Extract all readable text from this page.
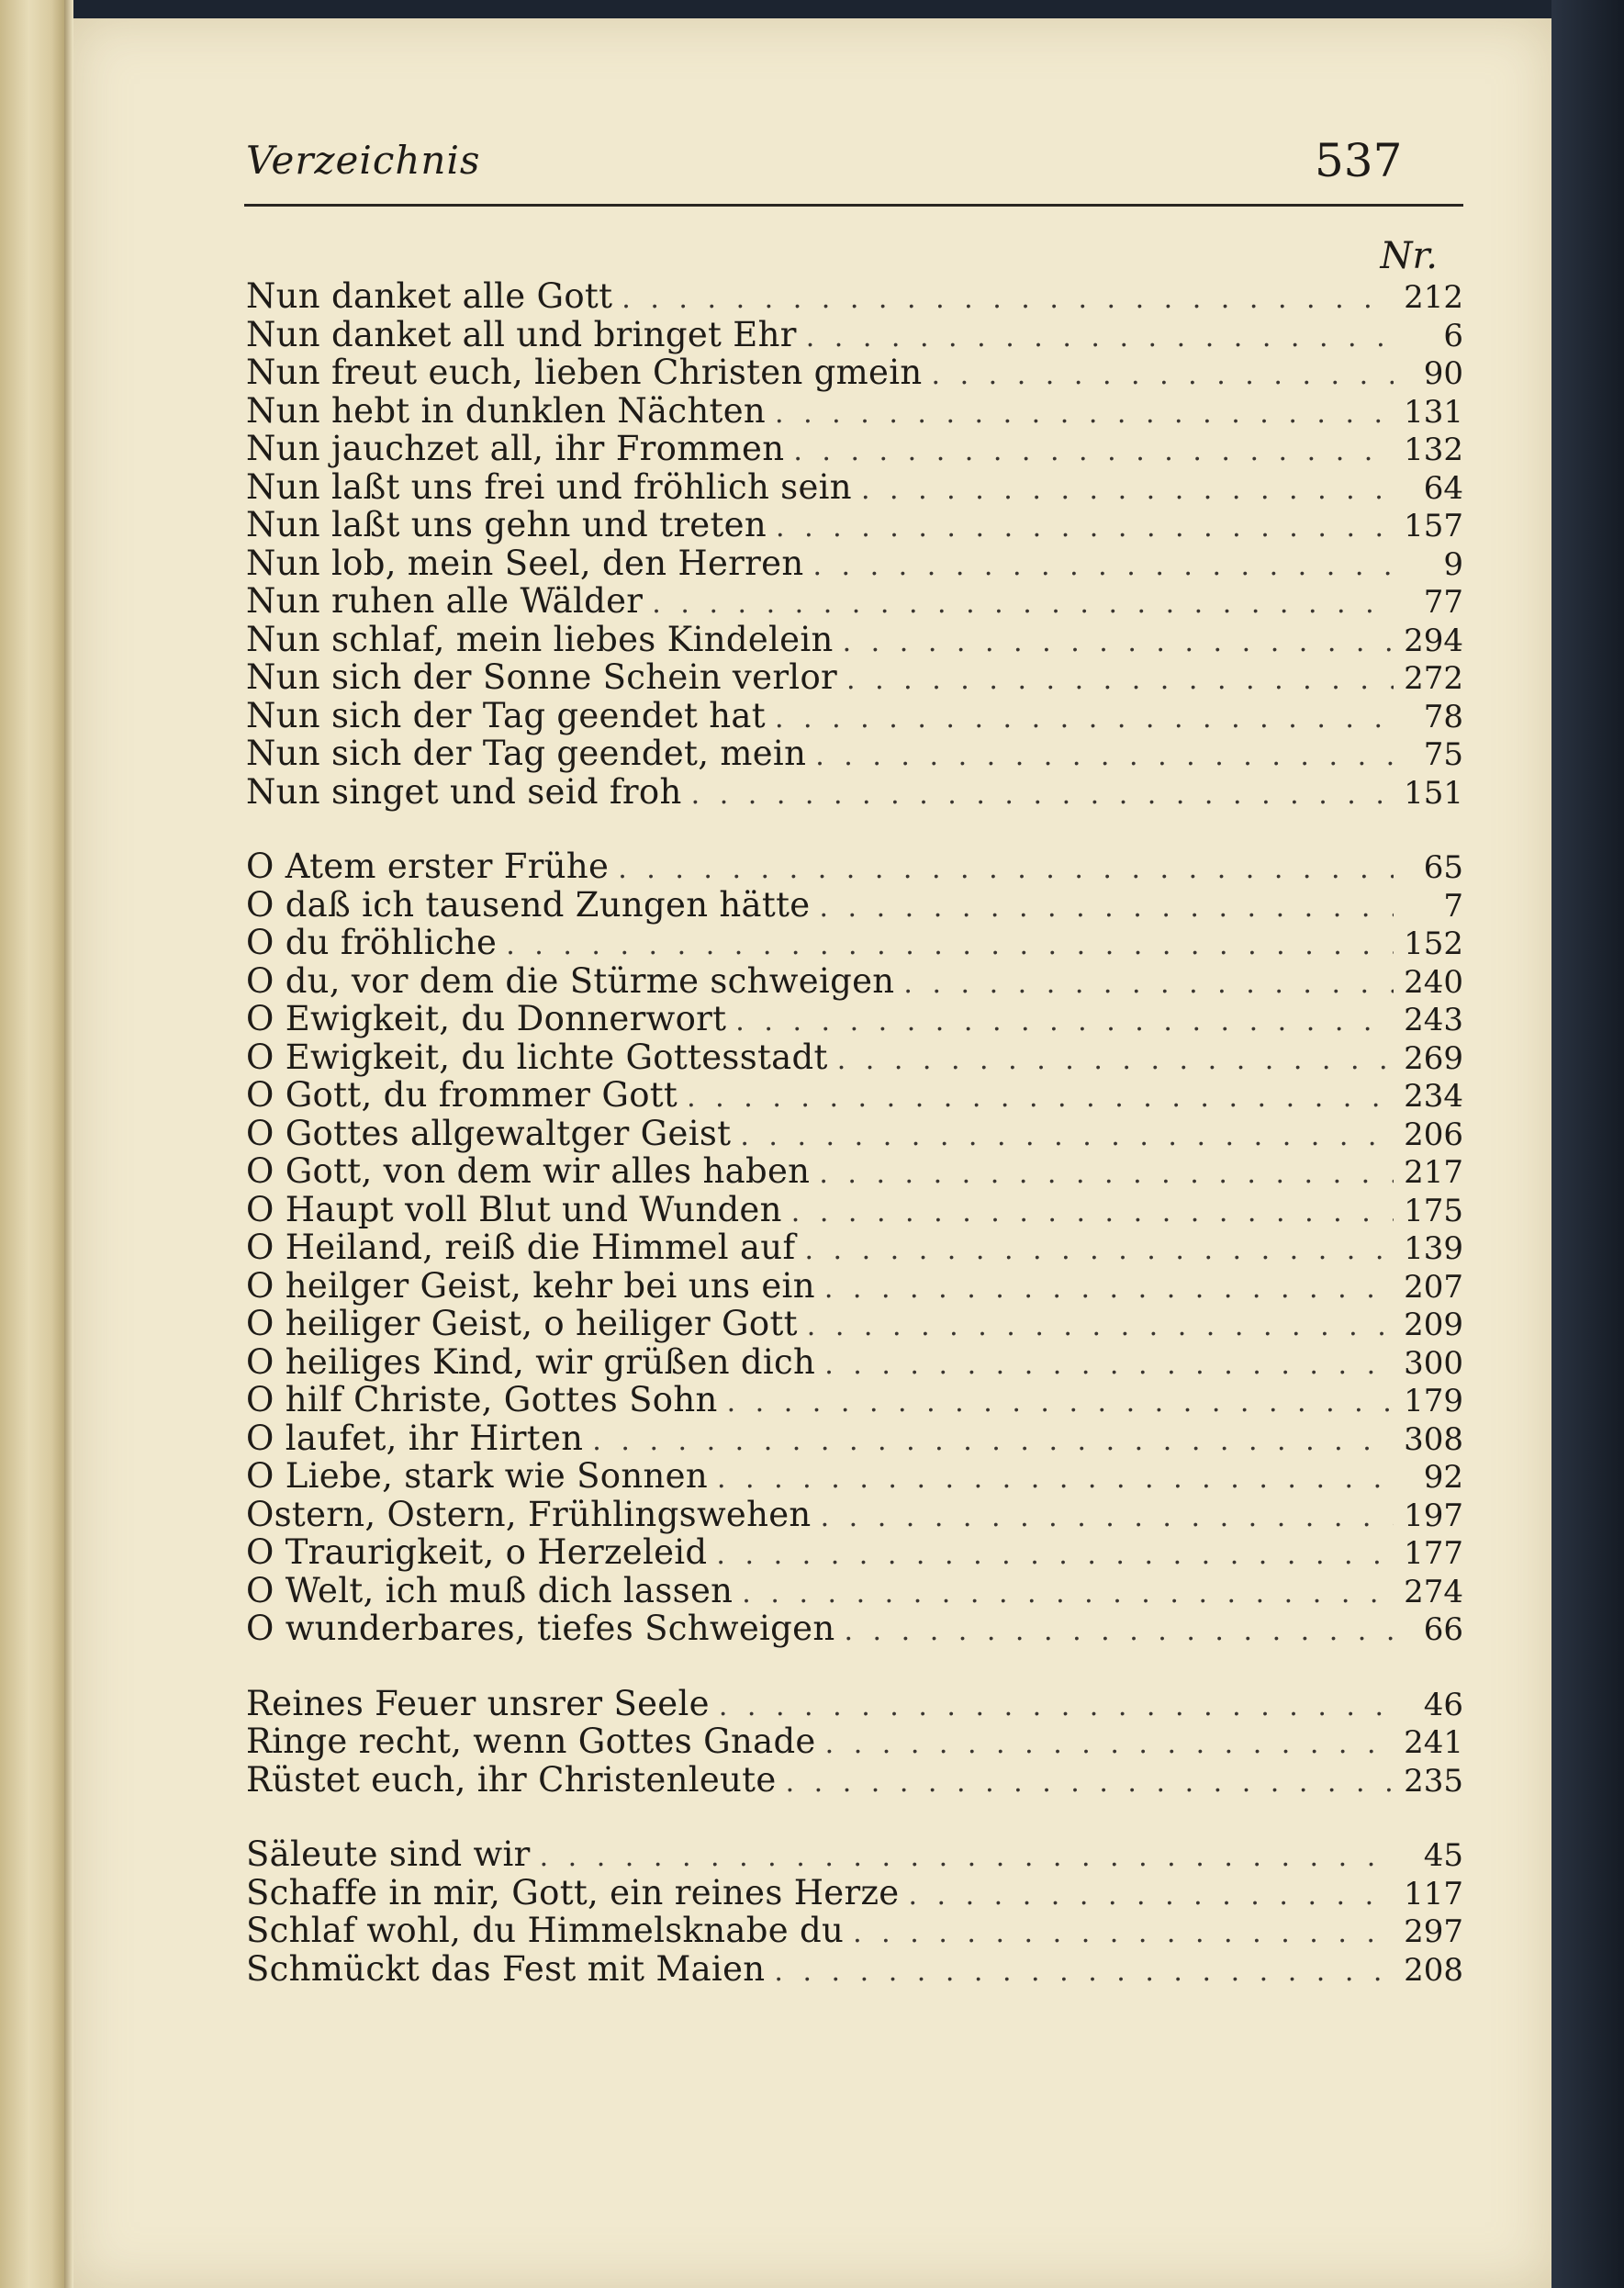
Verzeichnis	537
Nr.
Nun danket alle Gott . . .	212
Nun danket all und bringet Ehr . . .	6
Nun freut euch, lieben Christen gmein . . .	90
Nun hebt in dunklen Nächten . . .	131
Nun jauchzet all, ihr Frommen . . .	132
Nun laßt uns frei und fröhlich sein . . .	64
Nun laßt uns gehn und treten . . .	157
Nun lob, mein Seel, den Herren . . .	9
Nun ruhen alle Wälder . . .	77
Nun schlaf, mein liebes Kindelein . . .	294
Nun sich der Sonne Schein verlor . . .	272
Nun sich der Tag geendet hat . . .	78
Nun sich der Tag geendet, mein . . .	75
Nun singet und seid froh . . .	151
O Atem erster Frühe . . .	65
O daß ich tausend Zungen hätte . . .	7
O du fröhliche . . .	152
O du, vor dem die Stürme schweigen . . .	240
O Ewigkeit, du Donnerwort . . .	243
O Ewigkeit, du lichte Gottesstadt . . .	269
O Gott, du frommer Gott . . .	234
O Gottes allgewaltger Geist . . .	206
O Gott, von dem wir alles haben . . .	217
O Haupt voll Blut und Wunden . . .	175
O Heiland, reiß die Himmel auf . . .	139
O heilger Geist, kehr bei uns ein . . .	207
O heiliger Geist, o heiliger Gott . . .	209
O heiliges Kind, wir grüßen dich . . .	300
O hilf Christe, Gottes Sohn . . .	179
O laufet, ihr Hirten . . .	308
O Liebe, stark wie Sonnen . . .	92
Ostern, Ostern, Frühlingswehen . . .	197
O Traurigkeit, o Herzeleid . . .	177
O Welt, ich muß dich lassen . . .	274
O wunderbares, tiefes Schweigen . . .	66
Reines Feuer unsrer Seele . . .	46
Ringe recht, wenn Gottes Gnade . . .	241
Rüstet euch, ihr Christenleute . . .	235
Säleute sind wir . . .	45
Schaffe in mir, Gott, ein reines Herze . . .	117
Schlaf wohl, du Himmelsknabe du . . .	297
Schmückt das Fest mit Maien . . .	208
